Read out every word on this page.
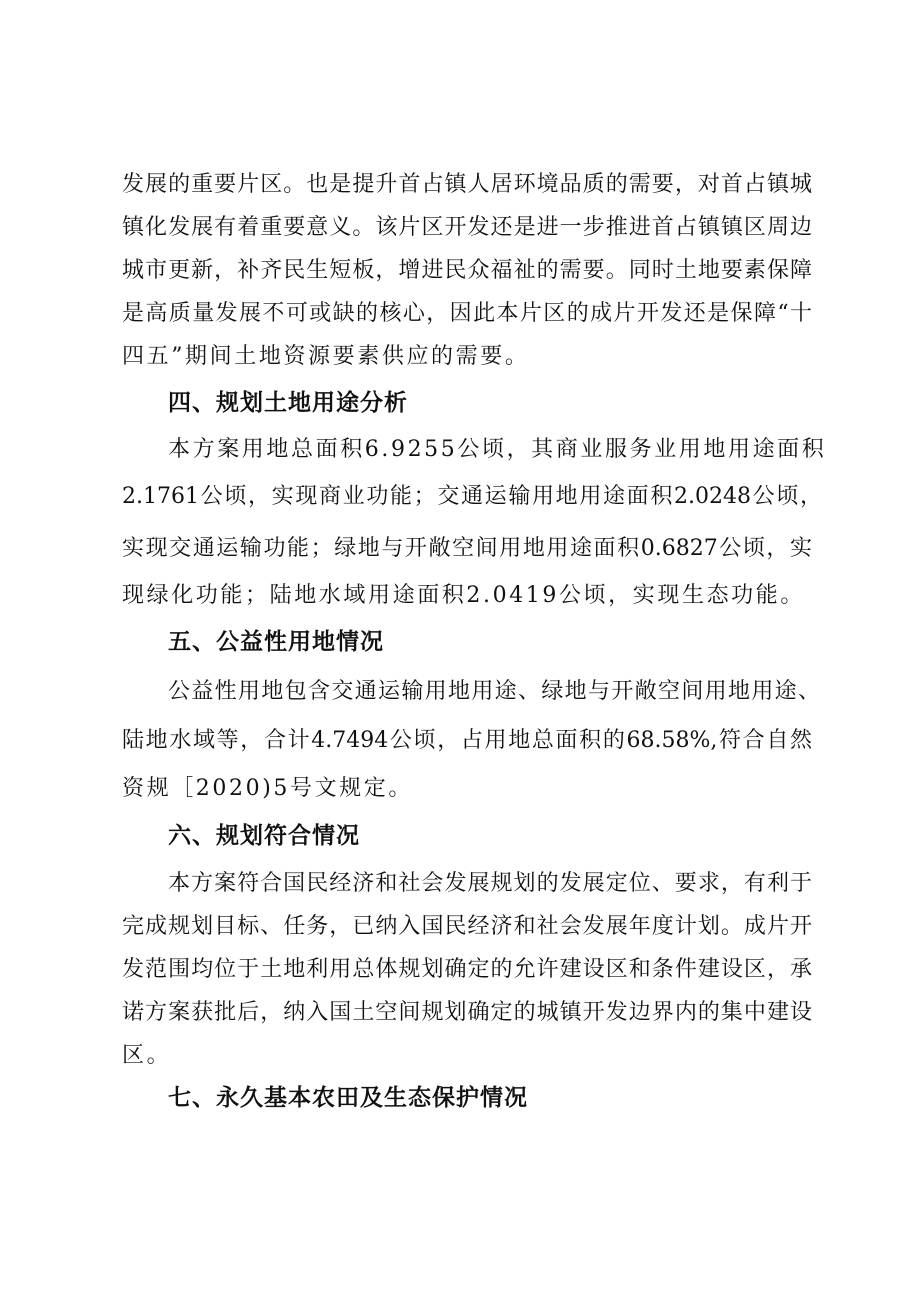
发展的重要片区。也是提升首占镇人居环境品质的需要，对首占镇城
镇化发展有着重要意义。该片区开发还是进一步推进首占镇镇区周边
城市更新，补齐民生短板，增进民众福祉的需要。同时土地要素保障
是高质量发展不可或缺的核心，因此本片区的成片开发还是保障“十
四五”期间土地资源要素供应的需要。
四、规划土地用途分析
本方案用地总面积6.9255公顷，其商业服务业用地用途面积
2.1761公顷，实现商业功能；交通运输用地用途面积2.0248公顷，
实现交通运输功能；绿地与开敞空间用地用途面积0.6827公顷，实
现绿化功能；陆地水域用途面积2.0419公顷，实现生态功能。
五、公益性用地情况
公益性用地包含交通运输用地用途、绿地与开敞空间用地用途、
陆地水域等，合计4.7494公顷，占用地总面积的68.58%,符合自然
资规［2020)5号文规定。
六、规划符合情况
本方案符合国民经济和社会发展规划的发展定位、要求，有利于
完成规划目标、任务，已纳入国民经济和社会发展年度计划。成片开
发范围均位于土地利用总体规划确定的允许建设区和条件建设区，承
诺方案获批后，纳入国土空间规划确定的城镇开发边界内的集中建设
区。
七、永久基本农田及生态保护情况
